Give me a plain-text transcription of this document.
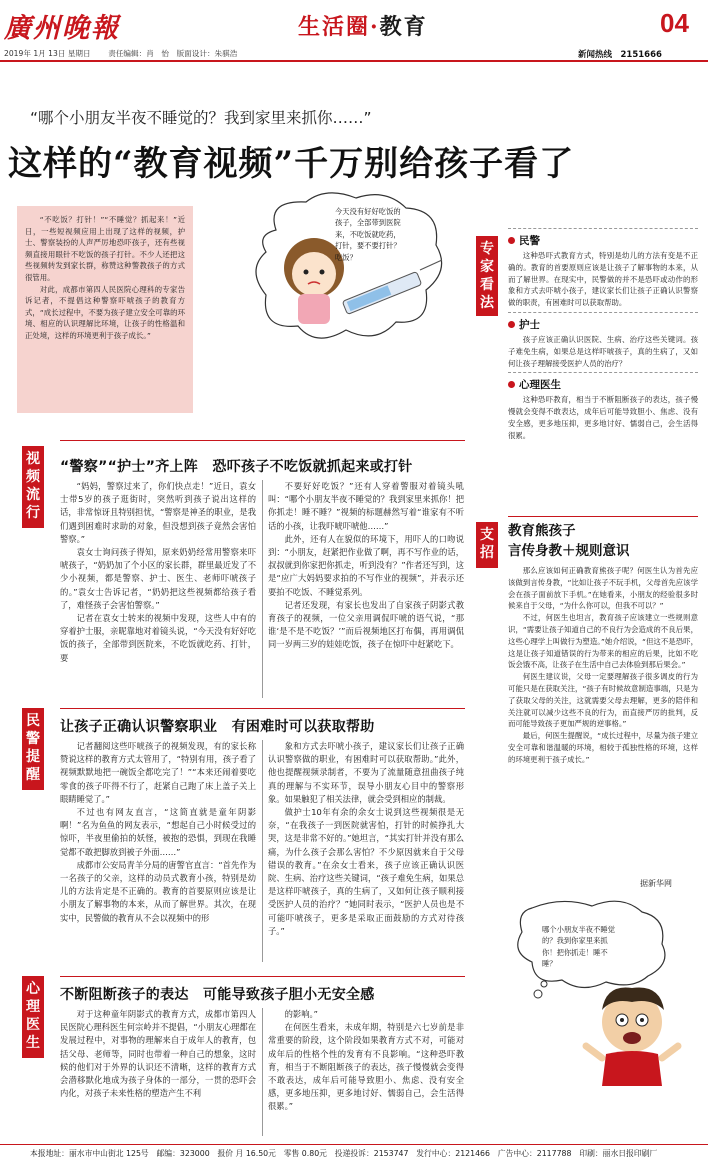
廣州晚報	生活圈·教育	04
2019年 1月 13日 星期日 　　责任编辑：肖　怡　版面设计：朱骐浩	新闻热线　2151666
“哪个小朋友半夜不睡觉的？我到家里来抓你……”
这样的“教育视频”千万别给孩子看了

“不吃饭？打针！”“不睡觉？抓起来！”近日，一些短视频应用上出现了这样的视频，护士、警察装扮的人声严厉地恐吓孩子，还有些视频直接用眼针不吃饭的孩子打针。不少人还把这些视频转发到家长群，称赞这种警教孩子的方式很管用。

对此，成都市第四人民医院心理科的专家告诉记者，不提倡这种警察吓唬孩子的教育方式，“成长过程中，不要为孩子建立安全可靠的环境、相应的认识理解比环境，让孩子的性格温和正处境，这样的环境更利于孩子成长。”

今天没有好好吃饭的孩子，全部带到医院来，不吃饭就吃药，打针，要不要打针？吃饭？
专家看法
民警

这种恐吓式教育方式，特别是幼儿的方法有变是不正确的。教育的首要原则应该是让孩子了解事物的本来，从而了解世界。在现实中，民警做的并不是恐吓或动作的形象和方式去吓唬小孩子，建议家长们让孩子正确认识警察做的职责，有困难时可以获取帮助。

护士

孩子应该正确认识医院、生病、治疗这些关键词。孩子难免生病，如果总是这样吓唬孩子，真的生病了，又如何让孩子理解接受医护人员的治疗？

心理医生

这种恐吓教育，相当于不断阻断孩子的表达，孩子慢慢就会变得不敢表达，成年后可能导致胆小、焦虑、没有安全感，更多地压抑，更多地讨好、懦弱自己，会生活得很累。

视频流行
“警察”“护士”齐上阵　恐吓孩子不吃饭就抓起来或打针

“妈妈，警察过来了，你们快点走！”近日，袁女士带5岁的孩子逛街时，突然听到孩子说出这样的话，非常惊讶且特别担忧，“警察是神圣的职业，是我们遇到困难时求助的对象，但没想到孩子竟然会害怕警察。”

袁女士询问孩子得知，原来奶奶经常用警察来吓唬孩子，“奶奶加了个小区的家长群，群里最近发了不少小视频，都是警察、护士、医生、老师吓唬孩子的。”袁女士告诉记者，“奶奶把这些视频都给孩子看了，难怪孩子会害怕警察。”

记者在袁女士转来的视频中发现，这些人中有的穿着护士服，亲昵靠地对着镜头说，“今天没有好好吃饭的孩子，全部带到医院来，不吃饭就吃药、打针，要

不要好好吃饭？”还有人穿着警服对着镜头吼叫：“哪个小朋友半夜不睡觉的？我到家里来抓你！把你抓走！睡不睡？”视频的标题赫然写着“谁家有不听话的小孩，让我吓唬吓唬他……”

此外，还有人在貌似的环境下，用吓人的口吻说到：“小朋友，赶紧把作业做了啊，再不写作业的话，叔叔就到你家把你抓走，听到没有？”作者还写到，这是“应广大妈妈要求拍的不写作业的视频”，并表示还要拍不吃饭、不睡觉系列。

记者还发现，有家长也发出了自家孩子阴影式教育孩子的视频，一位父亲用调侃吓唬的语气说，“那谁‘是不是不吃饭？’”而后视频地区打布偶，再用调侃同一岁两三岁的娃娃吃饭，孩子在惊吓中赶紧吃下。

民警提醒
让孩子正确认识警察职业　有困难时可以获取帮助

记者翻阅这些吓唬孩子的视频发现，有的家长称赞说这样的教育方式太管用了，“特别有用，孩子看了视频默默地把一碗饭全都吃完了！”“本来还闹着要吃零食的孩子吓得不行了，赶紧自己跑了床上盖子关上眼睛睡觉了。”

不过也有网友直言，“这简直就是童年阴影啊！”名为鱼鱼的网友表示，“想起自己小时候受过的惊吓，半夜里偷拍的妖怪，被抱的恐惧，到现在我睡觉都不敢把脚放到被子外面……”

成都市公安局青羊分局的唐警官直言：“首先作为一名孩子的父亲，这样的动员式教育小孩，特别是幼儿的方法肯定是不正确的。教育的首要原则应该是让小朋友了解事物的本来，从而了解世界。其次，在现实中，民警做的教育从不会以视频中的形

象和方式去吓唬小孩子，建议家长们让孩子正确认识警察做的职业，有困难时可以获取帮助。”此外，他也提醒视频录制者，不要为了流量随意扭曲孩子纯真的理解与不实环节，误导小朋友心目中的警察形象。如果触犯了相关法律，就会受到相应的制裁。

做护士10年有余的余女士说到这些视频很是无奈，“在我孩子一到医院就害怕，打针的时候挣扎大哭，这是非常不好的。”她坦言，“其实打针并没有那么痛，为什么孩子会那么害怕？不少原因就来自于父母错误的教育。”在余女士看来，孩子应该正确认识医院、生病、治疗这些关键词，“孩子难免生病，如果总是这样吓唬孩子，真的生病了，又如何让孩子顺利接受医护人员的治疗？”她同时表示，“医护人员也是不可能吓唬孩子，更多是采取正面鼓励的方式对待孩子。”

心理医生
不断阻断孩子的表达　可能导致孩子胆小无安全感

对于这种童年阴影式的教育方式，成都市第四人民医院心理科医生何宗岭并不提倡，“小朋友心理都在发展过程中，对事物的理解来自于成年人的教育，包括父母、老师等，同时也带着一种自己的想象，这时候的他们对于外界的认识还不清晰，这样的教育方式会潜移默化地成为孩子身体的一部分，一贯的恐吓会内化，对孩子未来性格的塑造产生不利

的影响。”

在何医生看来，未成年期，特别是六七岁前是非常重要的阶段，这个阶段如果教育方式不对，可能对成年后的性格个性的发育有不良影响。“这种恐吓教育，相当于不断阻断孩子的表达，孩子慢慢就会变得不敢表达，成年后可能导致胆小、焦虑、没有安全感，更多地压抑，更多地讨好、懦弱自己，会生活得很累。”

支招
教育熊孩子
言传身教＋规则意识

那么应该如何正确教育熊孩子呢？何医生认为首先应该做到言传身教，“比如让孩子不玩手机，父母首先应该学会在孩子面前放下手机。”在她看来，小朋友的经验很多时候来自于父母，“为什么你可以，但我不可以？”

不过，何医生也坦言，教育孩子应该建立一些规则意识，“需要让孩子知道自己的不良行为会造成的不良后果，这些心理学上叫做行为塑造。”她介绍说，“但这不是恐吓，这是让孩子知道错误的行为带来的相应的后果，比如不吃饭会饿不高，让孩子在生活中自己去体验到那后果会。”

何医生建议说，父母一定要理解孩子很多调皮的行为可能只是在获取关注，“孩子有时候故意制造事端，只是为了获取父母的关注，这就需要父母去理解，更多的陪伴和关注就可以减少这些不良的行为，而直接严厉的批判，反而可能导致孩子更加严规的逆事格。”

最后，何医生提醒说，“成长过程中，尽量为孩子建立安全可靠和谐温暖的环境，相较于孤独性格的环境，这样的环境更利于孩子成长。”

据新华网
哪个小朋友半夜不睡觉的？我到你家里来抓你！把你抓走！睡不睡？
本报地址：丽水市中山街北 125号　邮编：323000　报价 月 16.50元　零售 0.80元　投递投诉：2153747　发行中心：2121466　广告中心：2117788　印刷：丽水日报印刷厂
